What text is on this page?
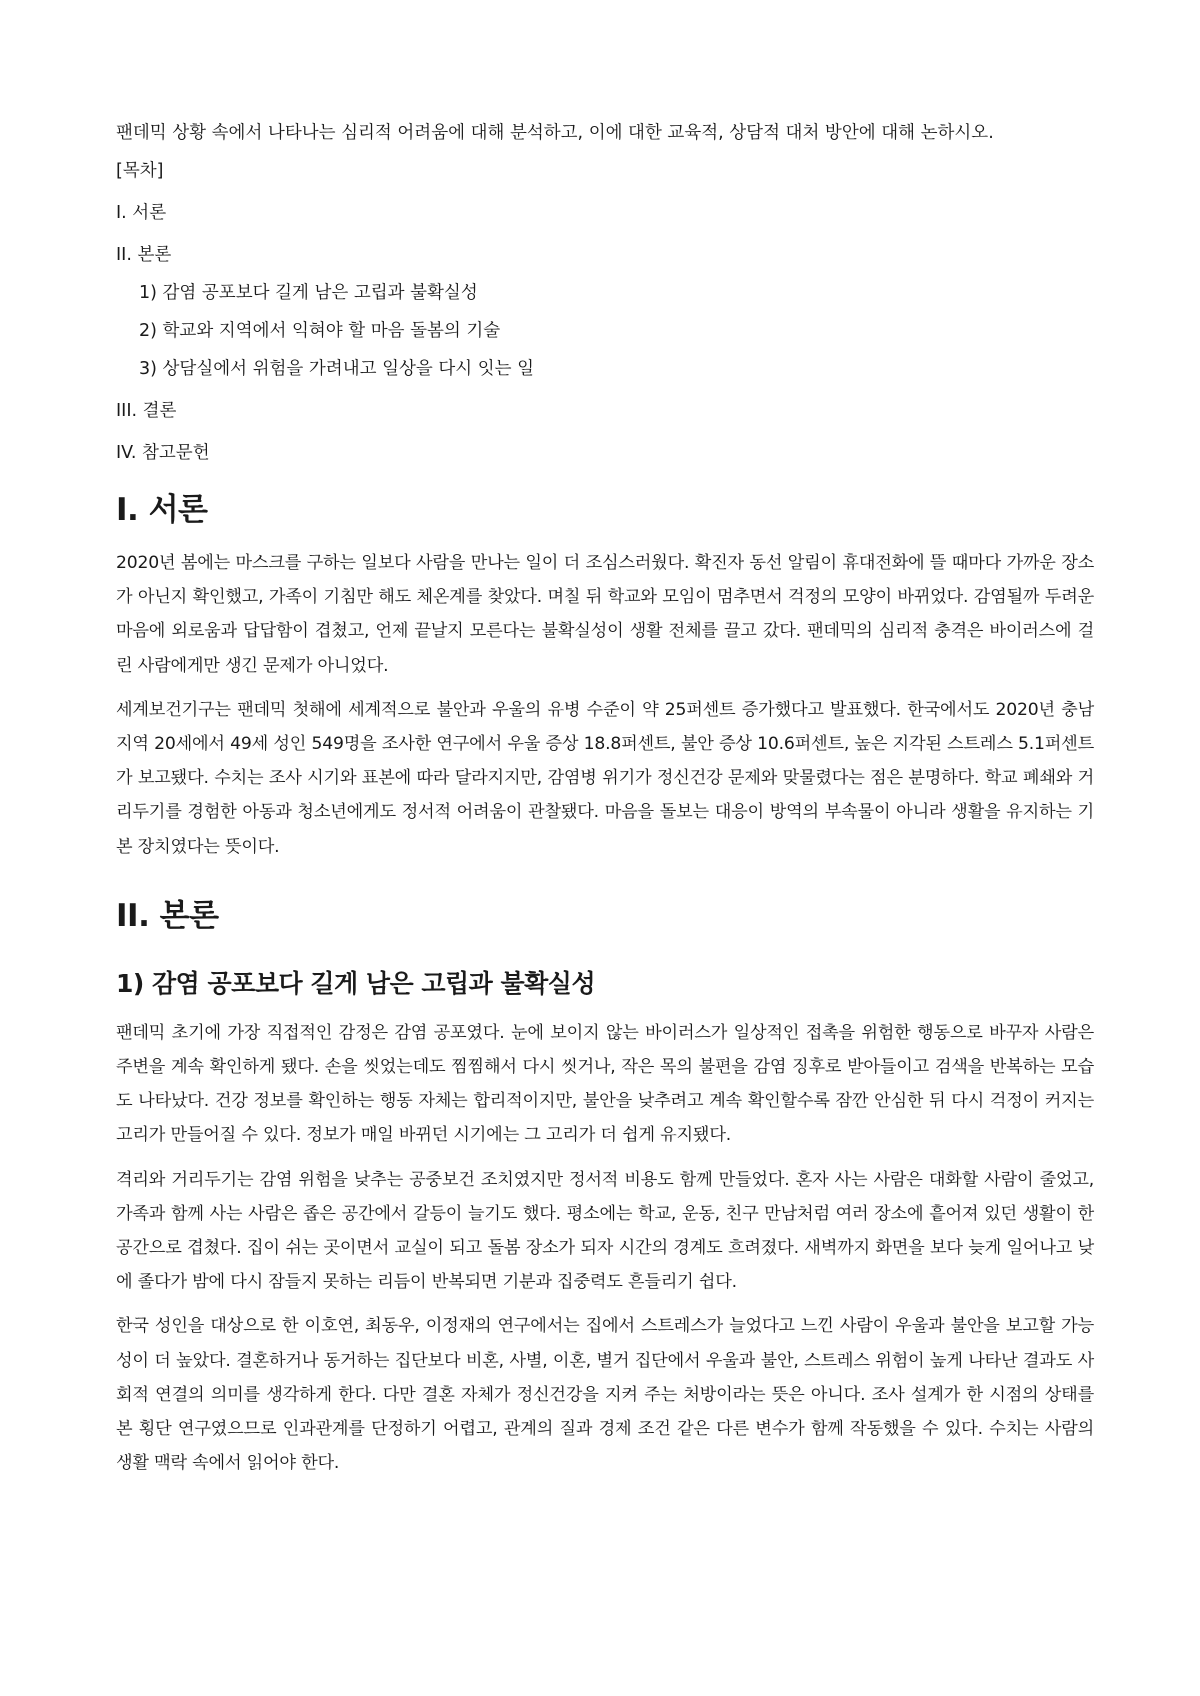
팬데믹 상황 속에서 나타나는 심리적 어려움에 대해 분석하고, 이에 대한 교육적, 상담적 대처 방안에 대해 논하시오.

[목차]
I. 서론
II. 본론
1) 감염 공포보다 길게 남은 고립과 불확실성
2) 학교와 지역에서 익혀야 할 마음 돌봄의 기술
3) 상담실에서 위험을 가려내고 일상을 다시 잇는 일
III. 결론
IV. 참고문헌
I. 서론

2020년 봄에는 마스크를 구하는 일보다 사람을 만나는 일이 더 조심스러웠다. 확진자 동선 알림이 휴대전화에 뜰 때마다 가까운 장소가 아닌지 확인했고, 가족이 기침만 해도 체온계를 찾았다. 며칠 뒤 학교와 모임이 멈추면서 걱정의 모양이 바뀌었다. 감염될까 두려운 마음에 외로움과 답답함이 겹쳤고, 언제 끝날지 모른다는 불확실성이 생활 전체를 끌고 갔다. 팬데믹의 심리적 충격은 바이러스에 걸린 사람에게만 생긴 문제가 아니었다.

세계보건기구는 팬데믹 첫해에 세계적으로 불안과 우울의 유병 수준이 약 25퍼센트 증가했다고 발표했다. 한국에서도 2020년 충남 지역 20세에서 49세 성인 549명을 조사한 연구에서 우울 증상 18.8퍼센트, 불안 증상 10.6퍼센트, 높은 지각된 스트레스 5.1퍼센트가 보고됐다. 수치는 조사 시기와 표본에 따라 달라지지만, 감염병 위기가 정신건강 문제와 맞물렸다는 점은 분명하다. 학교 폐쇄와 거리두기를 경험한 아동과 청소년에게도 정서적 어려움이 관찰됐다. 마음을 돌보는 대응이 방역의 부속물이 아니라 생활을 유지하는 기본 장치였다는 뜻이다.

II. 본론
1) 감염 공포보다 길게 남은 고립과 불확실성

팬데믹 초기에 가장 직접적인 감정은 감염 공포였다. 눈에 보이지 않는 바이러스가 일상적인 접촉을 위험한 행동으로 바꾸자 사람은 주변을 계속 확인하게 됐다. 손을 씻었는데도 찜찜해서 다시 씻거나, 작은 목의 불편을 감염 징후로 받아들이고 검색을 반복하는 모습도 나타났다. 건강 정보를 확인하는 행동 자체는 합리적이지만, 불안을 낮추려고 계속 확인할수록 잠깐 안심한 뒤 다시 걱정이 커지는 고리가 만들어질 수 있다. 정보가 매일 바뀌던 시기에는 그 고리가 더 쉽게 유지됐다.

격리와 거리두기는 감염 위험을 낮추는 공중보건 조치였지만 정서적 비용도 함께 만들었다. 혼자 사는 사람은 대화할 사람이 줄었고, 가족과 함께 사는 사람은 좁은 공간에서 갈등이 늘기도 했다. 평소에는 학교, 운동, 친구 만남처럼 여러 장소에 흩어져 있던 생활이 한 공간으로 겹쳤다. 집이 쉬는 곳이면서 교실이 되고 돌봄 장소가 되자 시간의 경계도 흐려졌다. 새벽까지 화면을 보다 늦게 일어나고 낮에 졸다가 밤에 다시 잠들지 못하는 리듬이 반복되면 기분과 집중력도 흔들리기 쉽다.

한국 성인을 대상으로 한 이호연, 최동우, 이정재의 연구에서는 집에서 스트레스가 늘었다고 느낀 사람이 우울과 불안을 보고할 가능성이 더 높았다. 결혼하거나 동거하는 집단보다 비혼, 사별, 이혼, 별거 집단에서 우울과 불안, 스트레스 위험이 높게 나타난 결과도 사회적 연결의 의미를 생각하게 한다. 다만 결혼 자체가 정신건강을 지켜 주는 처방이라는 뜻은 아니다. 조사 설계가 한 시점의 상태를 본 횡단 연구였으므로 인과관계를 단정하기 어렵고, 관계의 질과 경제 조건 같은 다른 변수가 함께 작동했을 수 있다. 수치는 사람의 생활 맥락 속에서 읽어야 한다.
